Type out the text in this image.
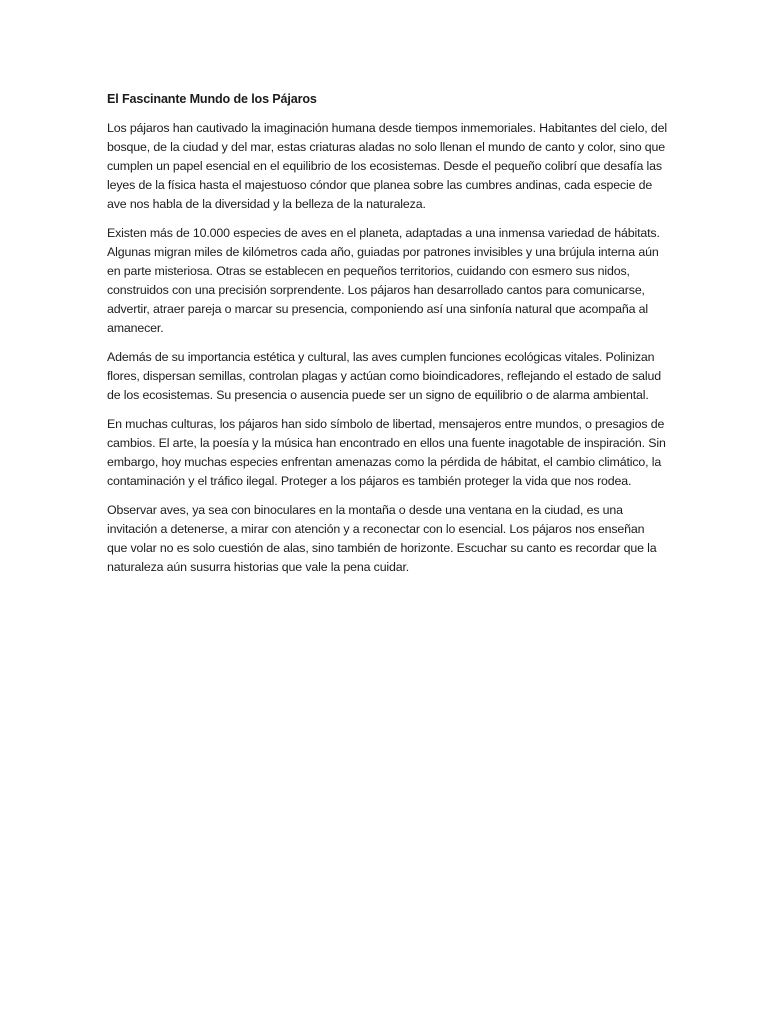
El Fascinante Mundo de los Pájaros

Los pájaros han cautivado la imaginación humana desde tiempos inmemoriales. Habitantes del cielo, del bosque, de la ciudad y del mar, estas criaturas aladas no solo llenan el mundo de canto y color, sino que cumplen un papel esencial en el equilibrio de los ecosistemas. Desde el pequeño colibrí que desafía las leyes de la física hasta el majestuoso cóndor que planea sobre las cumbres andinas, cada especie de ave nos habla de la diversidad y la belleza de la naturaleza.

Existen más de 10.000 especies de aves en el planeta, adaptadas a una inmensa variedad de hábitats. Algunas migran miles de kilómetros cada año, guiadas por patrones invisibles y una brújula interna aún en parte misteriosa. Otras se establecen en pequeños territorios, cuidando con esmero sus nidos, construidos con una precisión sorprendente. Los pájaros han desarrollado cantos para comunicarse, advertir, atraer pareja o marcar su presencia, componiendo así una sinfonía natural que acompaña al amanecer.

Además de su importancia estética y cultural, las aves cumplen funciones ecológicas vitales. Polinizan flores, dispersan semillas, controlan plagas y actúan como bioindicadores, reflejando el estado de salud de los ecosistemas. Su presencia o ausencia puede ser un signo de equilibrio o de alarma ambiental.

En muchas culturas, los pájaros han sido símbolo de libertad, mensajeros entre mundos, o presagios de cambios. El arte, la poesía y la música han encontrado en ellos una fuente inagotable de inspiración. Sin embargo, hoy muchas especies enfrentan amenazas como la pérdida de hábitat, el cambio climático, la contaminación y el tráfico ilegal. Proteger a los pájaros es también proteger la vida que nos rodea.

Observar aves, ya sea con binoculares en la montaña o desde una ventana en la ciudad, es una invitación a detenerse, a mirar con atención y a reconectar con lo esencial. Los pájaros nos enseñan que volar no es solo cuestión de alas, sino también de horizonte. Escuchar su canto es recordar que la naturaleza aún susurra historias que vale la pena cuidar.
